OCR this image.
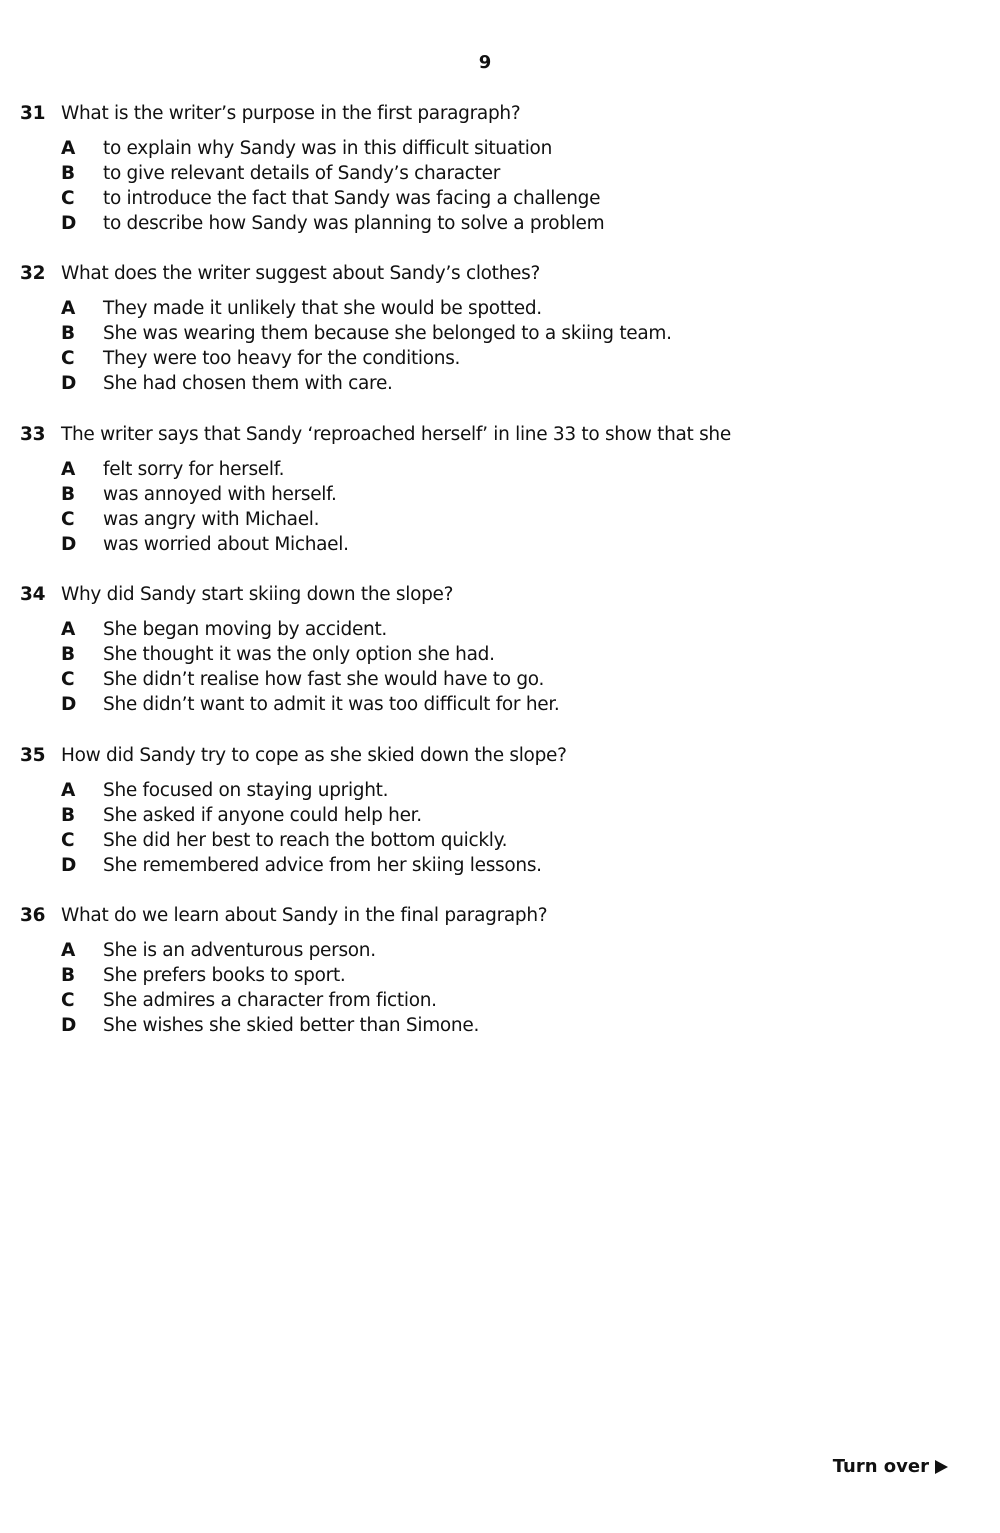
9
31 What is the writer’s purpose in the first paragraph?
A	to explain why Sandy was in this difficult situation
B	to give relevant details of Sandy’s character
C	to introduce the fact that Sandy was facing a challenge
D	to describe how Sandy was planning to solve a problem
32 What does the writer suggest about Sandy’s clothes?
A	They made it unlikely that she would be spotted.
B	She was wearing them because she belonged to a skiing team.
C	They were too heavy for the conditions.
D	She had chosen them with care.
33 The writer says that Sandy ‘reproached herself’ in line 33 to show that she
A	felt sorry for herself.
B	was annoyed with herself.
C	was angry with Michael.
D	was worried about Michael.
34 Why did Sandy start skiing down the slope?
A	She began moving by accident.
B	She thought it was the only option she had.
C	She didn’t realise how fast she would have to go.
D	She didn’t want to admit it was too difficult for her.
35 How did Sandy try to cope as she skied down the slope?
A	She focused on staying upright.
B	She asked if anyone could help her.
C	She did her best to reach the bottom quickly.
D	She remembered advice from her skiing lessons.
36 What do we learn about Sandy in the final paragraph?
A	She is an adventurous person.
B	She prefers books to sport.
C	She admires a character from fiction.
D	She wishes she skied better than Simone.
Turn over
